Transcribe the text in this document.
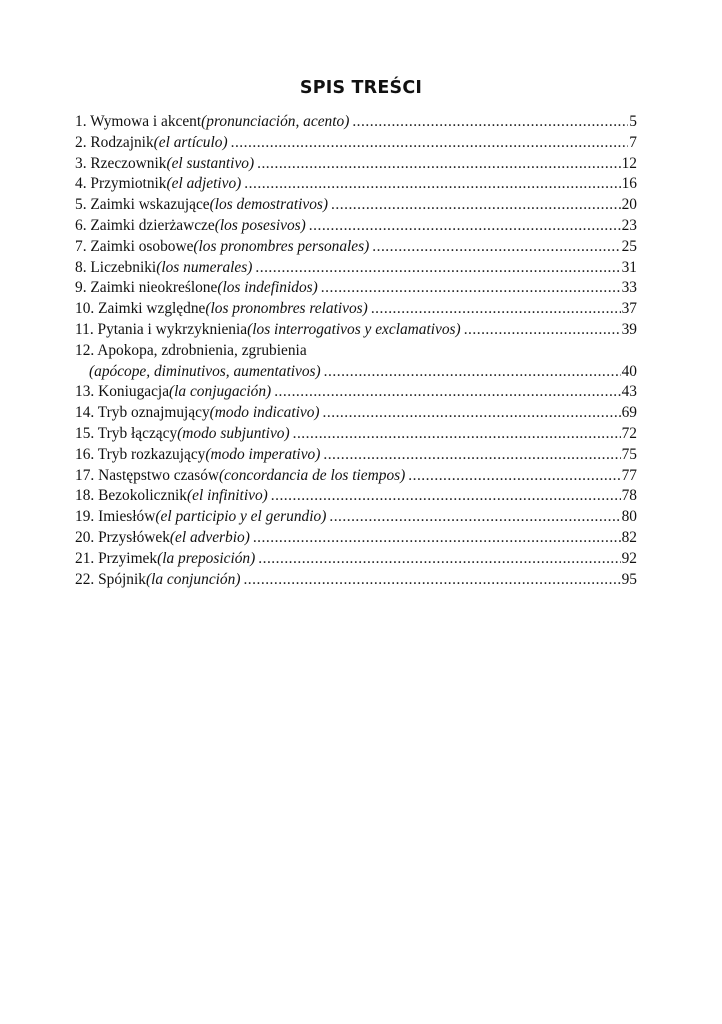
SPIS TREŚCI
1. Wymowa i akcent (pronunciación, acento) .....	5
2. Rodzajnik (el artículo) .....	7
3. Rzeczownik (el sustantivo) .....	12
4. Przymiotnik (el adjetivo) .....	16
5. Zaimki wskazujące (los demostrativos) .....	20
6. Zaimki dzierżawcze (los posesivos) .....	23
7. Zaimki osobowe (los pronombres personales) .....	25
8. Liczebniki (los numerales) .....	31
9. Zaimki nieokreślone (los indefinidos) .....	33
10. Zaimki względne (los pronombres relativos) .....	37
11. Pytania i wykrzyknienia (los interrogativos y exclamativos) .....	39
12. Apokopa, zdrobnienia, zgrubienia
(apócope, diminutivos, aumentativos) .....	40
13. Koniugacja (la conjugación) .....	43
14. Tryb oznajmujący (modo indicativo) .....	69
15. Tryb łączący (modo subjuntivo) .....	72
16. Tryb rozkazujący (modo imperativo) .....	75
17. Następstwo czasów (concordancia de los tiempos) .....	77
18. Bezokolicznik (el infinitivo) .....	78
19. Imiesłów (el participio y el gerundio) .....	80
20. Przysłówek (el adverbio) .....	82
21. Przyimek (la preposición) .....	92
22. Spójnik (la conjunción) .....	95
